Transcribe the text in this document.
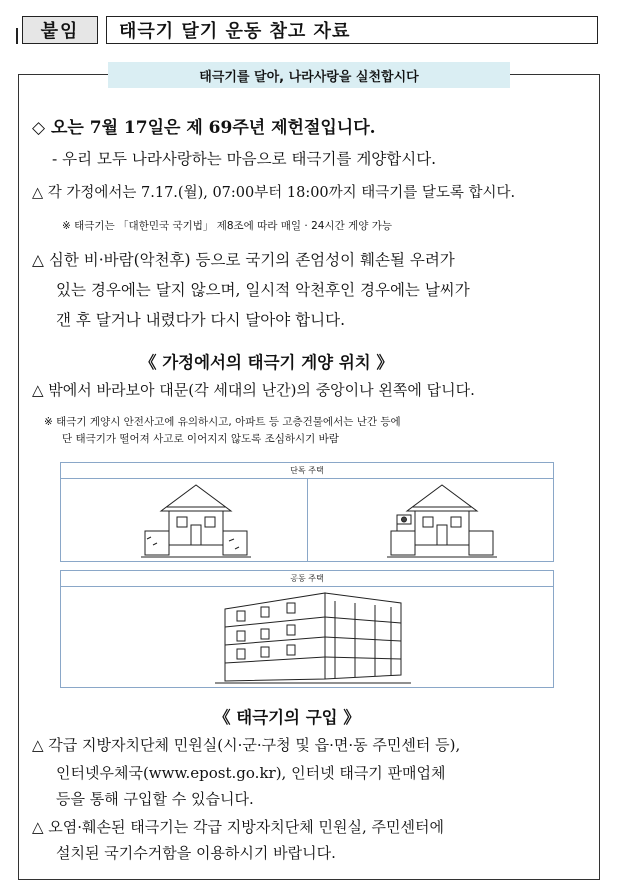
붙임	태극기 달기 운동 참고 자료
태극기를 달아, 나라사랑을 실천합시다
◇ 오는 7월 17일은 제 69주년 제헌절입니다.
- 우리 모두 나라사랑하는 마음으로 태극기를 게양합시다.
△ 각 가정에서는 7.17.(월), 07:00부터 18:00까지 태극기를 달도록 합시다.
※ 태극기는 「대한민국 국기법」 제8조에 따라 매일 · 24시간 게양 가능
△ 심한 비·바람(악천후) 등으로 국기의 존엄성이 훼손될 우려가
있는 경우에는 달지 않으며, 일시적 악천후인 경우에는 날씨가
갠 후 달거나 내렸다가 다시 달아야 합니다.
《 가정에서의 태극기 게양 위치 》
△ 밖에서 바라보아 대문(각 세대의 난간)의 중앙이나 왼쪽에 답니다.
※ 태극기 게양시 안전사고에 유의하시고, 아파트 등 고층건물에서는 난간 등에
단 태극기가 떨어져 사고로 이어지지 않도록 조심하시기 바람
단독 주택
공동 주택
《 태극기의 구입 》
△ 각급 지방자치단체 민원실(시·군·구청 및 읍·면·동 주민센터 등),
인터넷우체국(www.epost.go.kr), 인터넷 태극기 판매업체
등을 통해 구입할 수 있습니다.
△ 오염·훼손된 태극기는 각급 지방자치단체 민원실, 주민센터에
설치된 국기수거함을 이용하시기 바랍니다.
